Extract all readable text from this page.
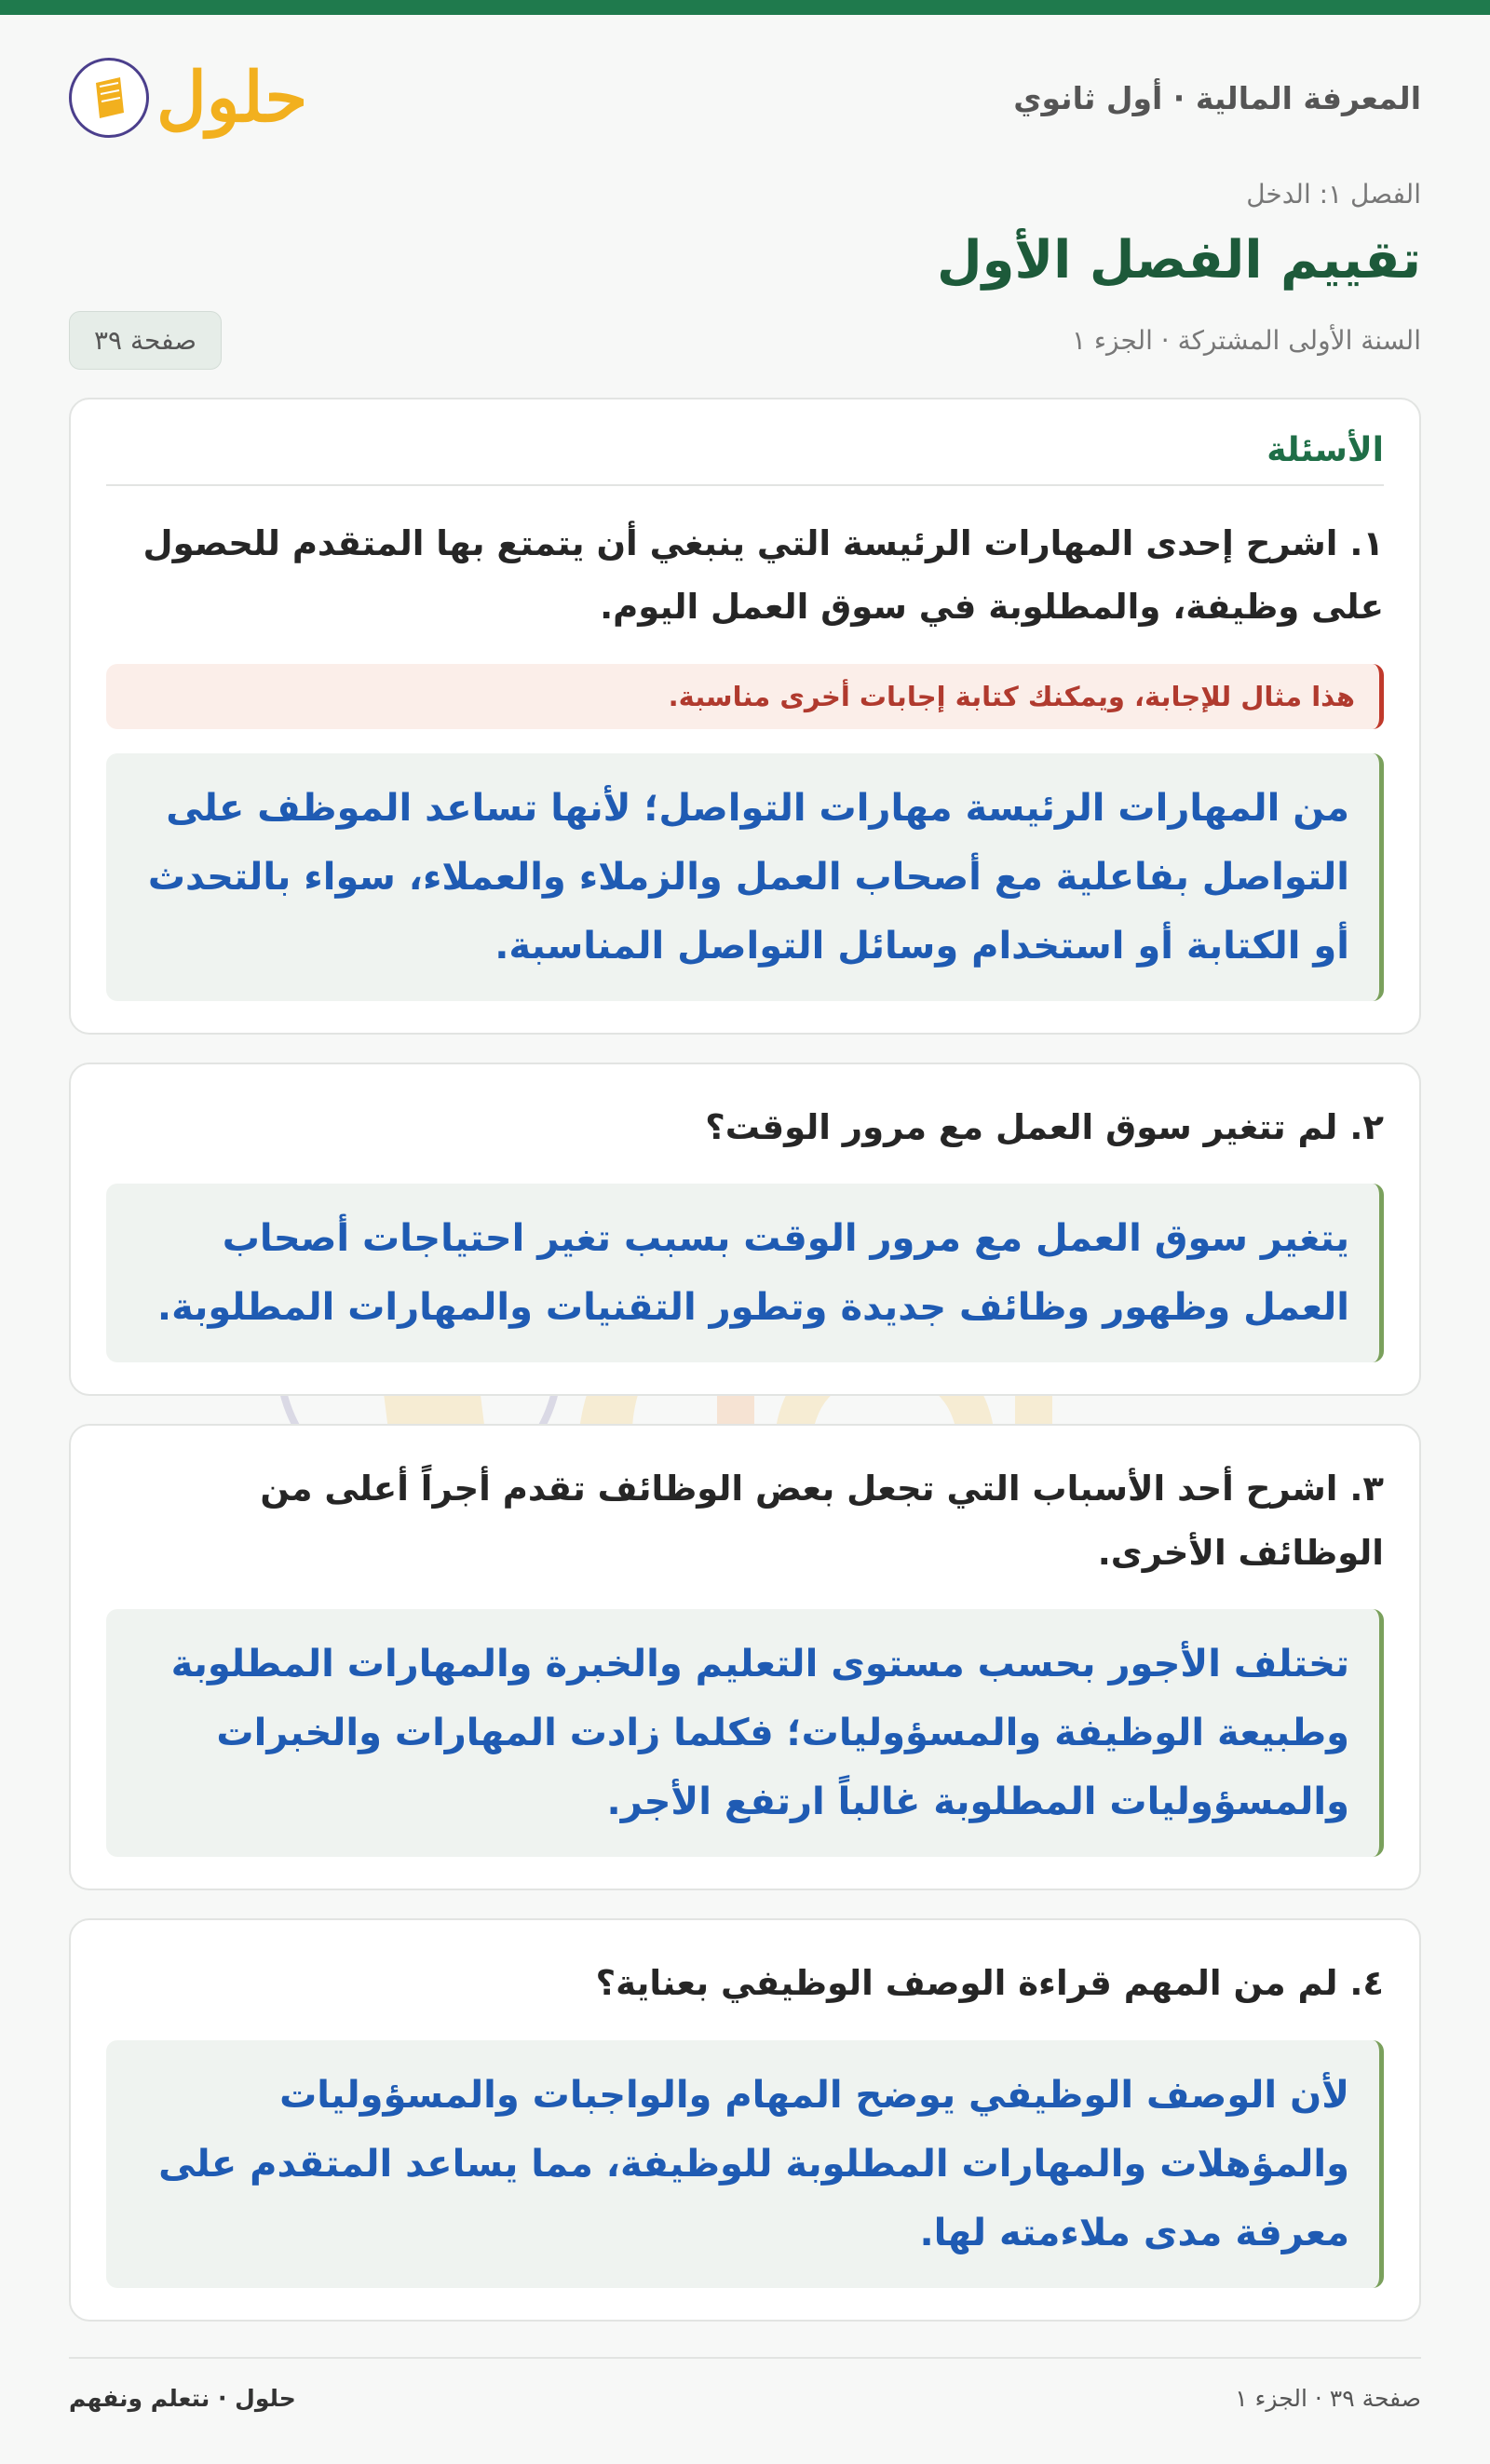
المعرفة المالية · أول ثانوي
حلول
الفصل ١: الدخل
تقييم الفصل الأول
السنة الأولى المشتركة · الجزء ١
صفحة ٣٩
الأسئلة
١. اشرح إحدى المهارات الرئيسة التي ينبغي أن يتمتع بها المتقدم للحصول على وظيفة، والمطلوبة في سوق العمل اليوم.
هذا مثال للإجابة، ويمكنك كتابة إجابات أخرى مناسبة.
من المهارات الرئيسة مهارات التواصل؛ لأنها تساعد الموظف على التواصل بفاعلية مع أصحاب العمل والزملاء والعملاء، سواء بالتحدث أو الكتابة أو استخدام وسائل التواصل المناسبة.
٢. لم تتغير سوق العمل مع مرور الوقت؟
يتغير سوق العمل مع مرور الوقت بسبب تغير احتياجات أصحاب العمل وظهور وظائف جديدة وتطور التقنيات والمهارات المطلوبة.
٣. اشرح أحد الأسباب التي تجعل بعض الوظائف تقدم أجراً أعلى من الوظائف الأخرى.
تختلف الأجور بحسب مستوى التعليم والخبرة والمهارات المطلوبة وطبيعة الوظيفة والمسؤوليات؛ فكلما زادت المهارات والخبرات والمسؤوليات المطلوبة غالباً ارتفع الأجر.
٤. لم من المهم قراءة الوصف الوظيفي بعناية؟
لأن الوصف الوظيفي يوضح المهام والواجبات والمسؤوليات والمؤهلات والمهارات المطلوبة للوظيفة، مما يساعد المتقدم على معرفة مدى ملاءمته لها.
صفحة ٣٩ · الجزء ١
حلول · نتعلم ونفهم
